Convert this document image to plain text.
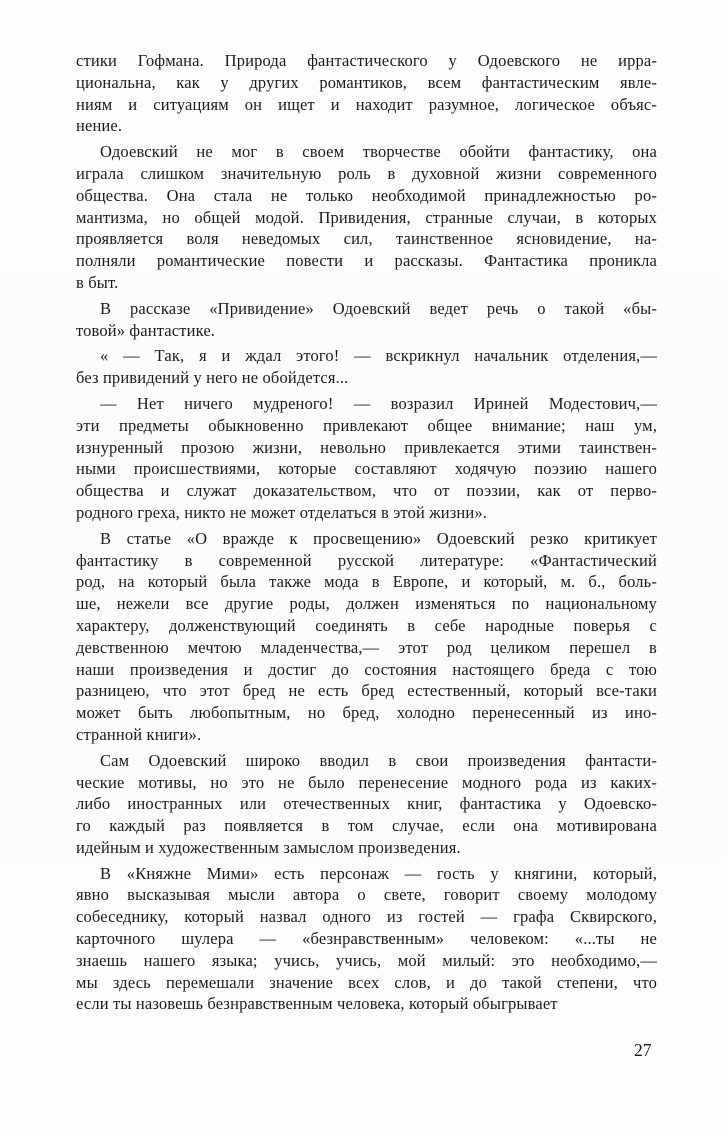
стики Гофмана. Природа фантастического у Одоевского не ирра-
циональна, как у других романтиков, всем фантастическим явле-
ниям и ситуациям он ищет и находит разумное, логическое объяс-
нение.
Одоевский не мог в своем творчестве обойти фантастику, она
играла слишком значительную роль в духовной жизни современного
общества. Она стала не только необходимой принадлежностью ро-
мантизма, но общей модой. Привидения, странные случаи, в которых
проявляется воля неведомых сил, таинственное ясновидение, на-
полняли романтические повести и рассказы. Фантастика проникла
в быт.
В рассказе «Привидение» Одоевский ведет речь о такой «бы-
товой» фантастике.
« — Так, я и ждал этого! — вскрикнул начальник отделения,—
без привидений у него не обойдется...
— Нет ничего мудреного! — возразил Ириней Модестович,—
эти предметы обыкновенно привлекают общее внимание; наш ум,
изнуренный прозою жизни, невольно привлекается этими таинствен-
ными происшествиями, которые составляют ходячую поэзию нашего
общества и служат доказательством, что от поэзии, как от перво-
родного греха, никто не может отделаться в этой жизни».
В статье «О вражде к просвещению» Одоевский резко критикует
фантастику в современной русской литературе: «Фантастический
род, на который была также мода в Европе, и который, м. б., боль-
ше, нежели все другие роды, должен изменяться по национальному
характеру, долженствующий соединять в себе народные поверья с
девственною мечтою младенчества,— этот род целиком перешел в
наши произведения и достиг до состояния настоящего бреда с тою
разницею, что этот бред не есть бред естественный, который все-таки
может быть любопытным, но бред, холодно перенесенный из ино-
странной книги».
Сам Одоевский широко вводил в свои произведения фантасти-
ческие мотивы, но это не было перенесение модного рода из каких-
либо иностранных или отечественных книг, фантастика у Одоевско-
го каждый раз появляется в том случае, если она мотивирована
идейным и художественным замыслом произведения.
В «Княжне Мими» есть персонаж — гость у княгини, который,
явно высказывая мысли автора о свете, говорит своему молодому
собеседнику, который назвал одного из гостей — графа Сквирского,
карточного шулера — «безнравственным» человеком: «...ты не
знаешь нашего языка; учись, учись, мой милый: это необходимо,—
мы здесь перемешали значение всех слов, и до такой степени, что
если ты назовешь безнравственным человека, который обыгрывает
27
